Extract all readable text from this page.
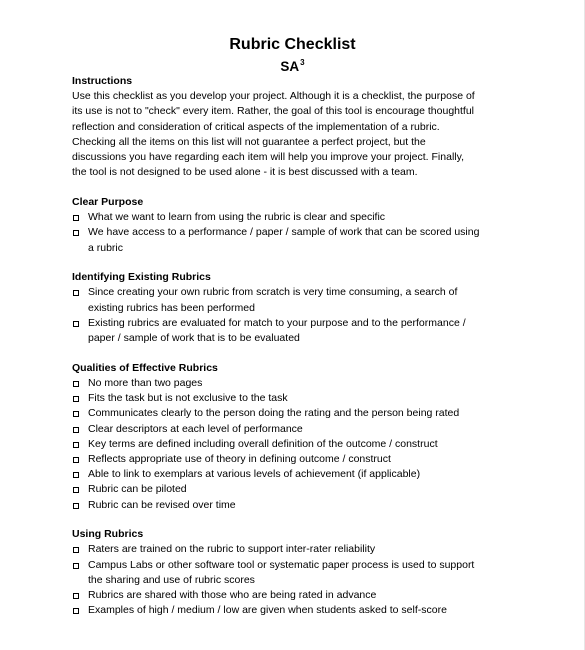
Rubric Checklist
$SA^3$
Instructions
Use this checklist as you develop your project. Although it is a checklist, the purpose of
its use is not to "check" every item. Rather, the goal of this tool is encourage thoughtful
reflection and consideration of critical aspects of the implementation of a rubric.
Checking all the items on this list will not guarantee a perfect project, but the
discussions you have regarding each item will help you improve your project. Finally,
the tool is not designed to be used alone - it is best discussed with a team.
Clear Purpose
What we want to learn from using the rubric is clear and specific
We have access to a performance / paper / sample of work that can be scored using
a rubric
Identifying Existing Rubrics
Since creating your own rubric from scratch is very time consuming, a search of
existing rubrics has been performed
Existing rubrics are evaluated for match to your purpose and to the performance /
paper / sample of work that is to be evaluated
Qualities of Effective Rubrics
No more than two pages
Fits the task but is not exclusive to the task
Communicates clearly to the person doing the rating and the person being rated
Clear descriptors at each level of performance
Key terms are defined including overall definition of the outcome / construct
Reflects appropriate use of theory in defining outcome / construct
Able to link to exemplars at various levels of achievement (if applicable)
Rubric can be piloted
Rubric can be revised over time
Using Rubrics
Raters are trained on the rubric to support inter-rater reliability
Campus Labs or other software tool or systematic paper process is used to support
the sharing and use of rubric scores
Rubrics are shared with those who are being rated in advance
Examples of high / medium / low are given when students asked to self-score
